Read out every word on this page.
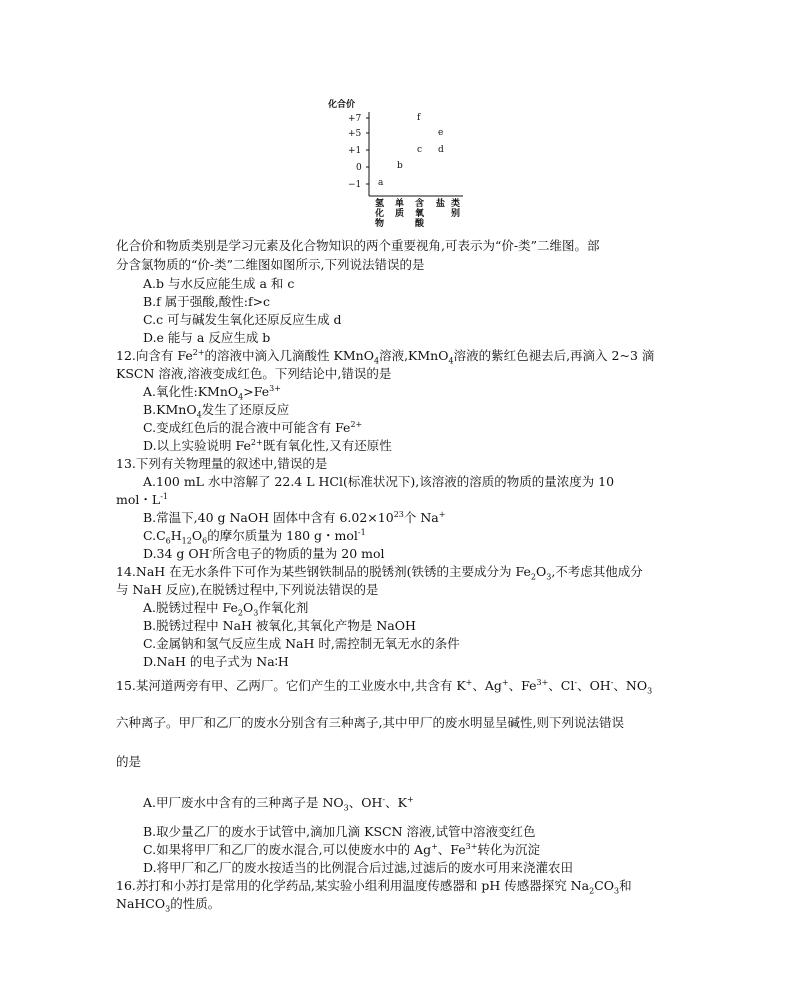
化合价
+7
+5
+1
0
−1 a
b
c d
e
f
氢
化
物
单
质
含
氧
酸
盐 类
别
化合价和物质类别是学习元素及化合物知识的两个重要视角,可表示为“价-类”二维图。部
分含氯物质的“价-类”二维图如图所示,下列说法错误的是
A.b 与水反应能生成 a 和 c
B.f 属于强酸,酸性:f>c
C.c 可与碱发生氧化还原反应生成 d
D.e 能与 a 反应生成 b
12.向含有 $Fe^{2+}$的溶液中滴入几滴酸性 KMnO$_4$溶液,KMnO$_4$溶液的紫红色褪去后,再滴入 2~3 滴
KSCN 溶液,溶液变成红色。下列结论中,错误的是
A.氧化性$:KMnO_4>Fe^{3+}$
B.KMnO$_4$发生了还原反应
C.变成红色后的混合液中可能含有 $Fe^{2+}$
D.以上实验说明 $Fe^{2+}$既有氧化性,又有还原性
13.下列有关物理量的叙述中,错误的是
A.100 mL 水中溶解了 22.4 L HCl(标准状况下),该溶液的溶质的物质的量浓度为 10
mol・$L^{-1}$
B.常温下,40 g NaOH 固体中含有 $6.02\times 10^{23}$个 Na+
$C.C_6H_{12}O_6$的摩尔质量为 180 g・mol$^{-1}$
D.34 g OH-所含电子的物质的量为 20 mol
14.NaH 在无水条件下可作为某些钢铁制品的脱锈剂(铁锈的主要成分为 $Fe_2O_3$,不考虑其他成分
与 NaH 反应),在脱锈过程中,下列说法错误的是
A.脱锈过程中 $Fe_2O_3$作氧化剂
B.脱锈过程中 NaH 被氧化,其氧化产物是 NaOH
C.金属钠和氢气反应生成 NaH 时,需控制无氧无水的条件
D.NaH 的电子式为 Na∶H
15.某河道两旁有甲、乙两厂。它们产生的工业废水中,共含有 K+、Ag+、$Fe^{3+}$、Cl-、OH-、$NO_3$
六种离子。甲厂和乙厂的废水分别含有三种离子,其中甲厂的废水明显呈碱性,则下列说法错误
的是
A.甲厂废水中含有的三种离子是 $NO_3$、OH-、K+
B.取少量乙厂的废水于试管中,滴加几滴 KSCN 溶液,试管中溶液变红色
C.如果将甲厂和乙厂的废水混合,可以使废水中的 Ag+、$Fe^{3+}$转化为沉淀
D.将甲厂和乙厂的废水按适当的比例混合后过滤,过滤后的废水可用来浇灌农田
16.苏打和小苏打是常用的化学药品,某实验小组利用温度传感器和 pH 传感器探究 $Na_2CO_3$和
NaHCO$_3$的性质。
